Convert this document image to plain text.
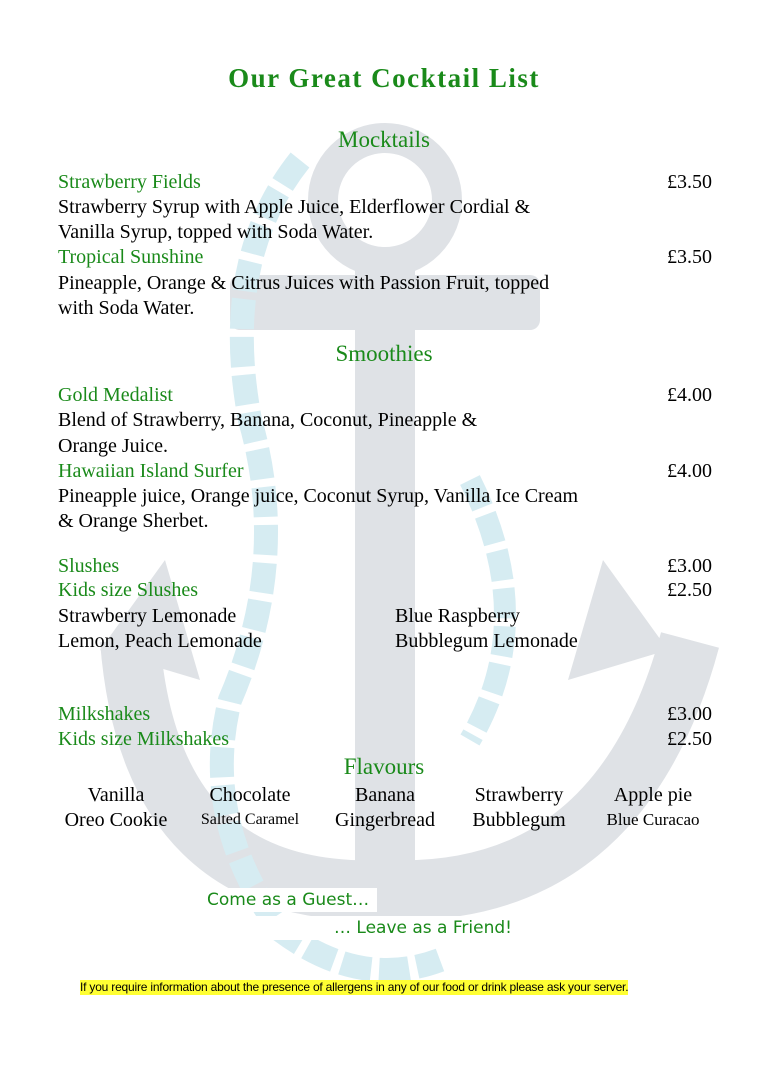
Our Great Cocktail List
Mocktails
Strawberry Fields	£3.50
Strawberry Syrup with Apple Juice, Elderflower Cordial &
Vanilla Syrup, topped with Soda Water.
Tropical Sunshine	£3.50
Pineapple, Orange & Citrus Juices with Passion Fruit, topped
with Soda Water.
Smoothies
Gold Medalist	£4.00
Blend of Strawberry, Banana, Coconut, Pineapple &
Orange Juice.
Hawaiian Island Surfer	£4.00
Pineapple juice, Orange juice, Coconut Syrup, Vanilla Ice Cream
& Orange Sherbet.
Slushes	£3.00
Kids size Slushes	£2.50
Strawberry Lemonade	Blue Raspberry
Lemon, Peach Lemonade	Bubblegum Lemonade
Milkshakes	£3.00
Kids size Milkshakes	£2.50
Flavours
Vanilla	Chocolate	Banana	Strawberry	Apple pie
Oreo Cookie	Salted Caramel	Gingerbread	Bubblegum	Blue Curacao
Come as a Guest…
… Leave as a Friend!
If you require information about the presence of allergens in any of our food or drink please ask your server.
